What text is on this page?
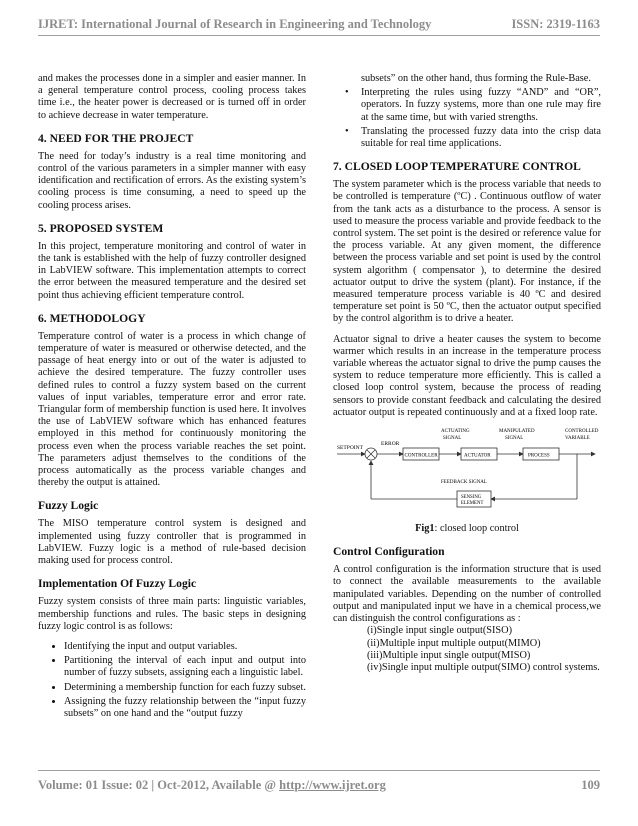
IJRET: International Journal of Research in Engineering and Technology	ISSN: 2319-1163

and makes the processes done in a simpler and easier manner. In a general temperature control process, cooling process takes time i.e., the heater power is decreased or is turned off in order to achieve decrease in water temperature.

4. NEED FOR THE PROJECT

The need for today’s industry is a real time monitoring and control of the various parameters in a simpler manner with easy identification and rectification of errors. As the existing system’s cooling process is time consuming, a need to speed up the cooling process arises.

5. PROPOSED SYSTEM

In this project, temperature monitoring and control of water in the tank is established with the help of fuzzy controller designed in LabVIEW software. This implementation attempts to correct the error between the measured temperature and the desired set point thus achieving efficient temperature control.

6. METHODOLOGY

Temperature control of water is a process in which change of temperature of water is measured or otherwise detected, and the passage of heat energy into or out of the water is adjusted to achieve the desired temperature. The fuzzy controller uses defined rules to control a fuzzy system based on the current values of input variables, temperature error and error rate. Triangular form of membership function is used here. It involves the use of LabVIEW software which has enhanced features employed in this method for continuously monitoring the process even when the process variable reaches the set point. The parameters adjust themselves to the conditions of the process automatically as the process variable changes and thereby the output is attained.

Fuzzy Logic

The MISO temperature control system is designed and implemented using fuzzy controller that is programmed in LabVIEW. Fuzzy logic is a method of rule-based decision making used for process control.

Implementation Of Fuzzy Logic

Fuzzy system consists of three main parts: linguistic variables, membership functions and rules. The basic steps in designing fuzzy logic control is as follows:

• Identifying the input and output variables.
• Partitioning the interval of each input and output into number of fuzzy subsets, assigning each a linguistic label.
• Determining a membership function for each fuzzy subset.
• Assigning the fuzzy relationship between the “input fuzzy subsets” on one hand and the “output fuzzy
subsets” on the other hand, thus forming the Rule-Base.
• Interpreting the rules using fuzzy “AND” and “OR”, operators. In fuzzy systems, more than one rule may fire at the same time, but with varied strengths.
• Translating the processed fuzzy data into the crisp data suitable for real time applications.
7. CLOSED LOOP TEMPERATURE CONTROL

The system parameter which is the process variable that needs to be controlled is temperature (ºC) . Continuous outflow of water from the tank acts as a disturbance to the process. A sensor is used to measure the process variable and provide feedback to the control system. The set point is the desired or reference value for the process variable. At any given moment, the difference between the process variable and set point is used by the control system algorithm ( compensator ), to determine the desired actuator output to drive the system (plant). For instance, if the measured temperature process variable is 40 ºC and desired temperature set point is 50 ºC, then the actuator output specified by the control algorithm is to drive a heater.

Actuator signal to drive a heater causes the system to become warmer which results in an increase in the temperature process variable whereas the actuator signal to drive the pump causes the system to reduce temperature more efficiently. This is called a closed loop control system, because the process of reading sensors to provide constant feedback and calculating the desired actuator output is repeated continuously and at a fixed loop rate.

SETPOINT
ERROR
ACTUATING
SIGNAL
MANIPULATED
SIGNAL
CONTROLLED
VARIABLE
CONTROLLER	ACTUATOR	PROCESS
SENSING
ELEMENT
FEEDBACK SIGNAL
Fig1: closed loop control
Control Configuration

A control configuration is the information structure that is used to connect the available measurements to the available manipulated variables. Depending on the number of controlled output and manipulated input we have in a chemical process,we can distinguish the control configurations as :

(i)Single input single output(SISO)
(ii)Multiple input multiple output(MIMO)
(iii)Multiple input single output(MISO)
(iv)Single input multiple output(SIMO) control systems.
Volume: 01 Issue: 02 | Oct-2012, Available @ http://www.ijret.org	109
